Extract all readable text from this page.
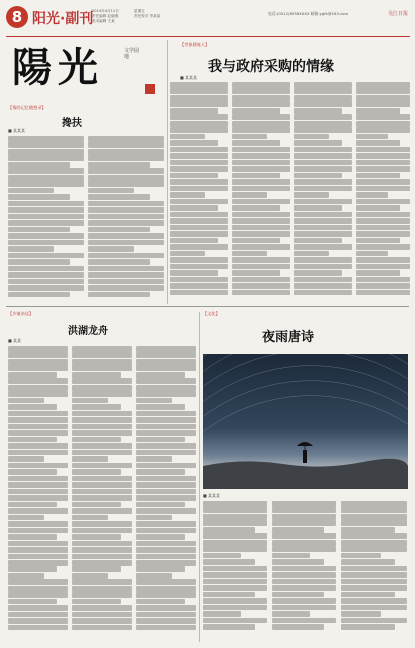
8 阳光·副刊
2014年4月11日
责任编辑 赵晓燕
美术编辑 王某
星期五
责任校对 李某某	电话:(0512)6558XXXX 邮箱:ygfk@163.com	吴江日报
陽光	文学园地
【世象随笔人】
我与政府采购的情缘
■ 某某某
【情的记忆随想录】
搀扶
■ 某某某
【乡镇杂谈】
洪湖龙舟
■ 某某
【文化】
夜雨唐诗
■ 某某某
